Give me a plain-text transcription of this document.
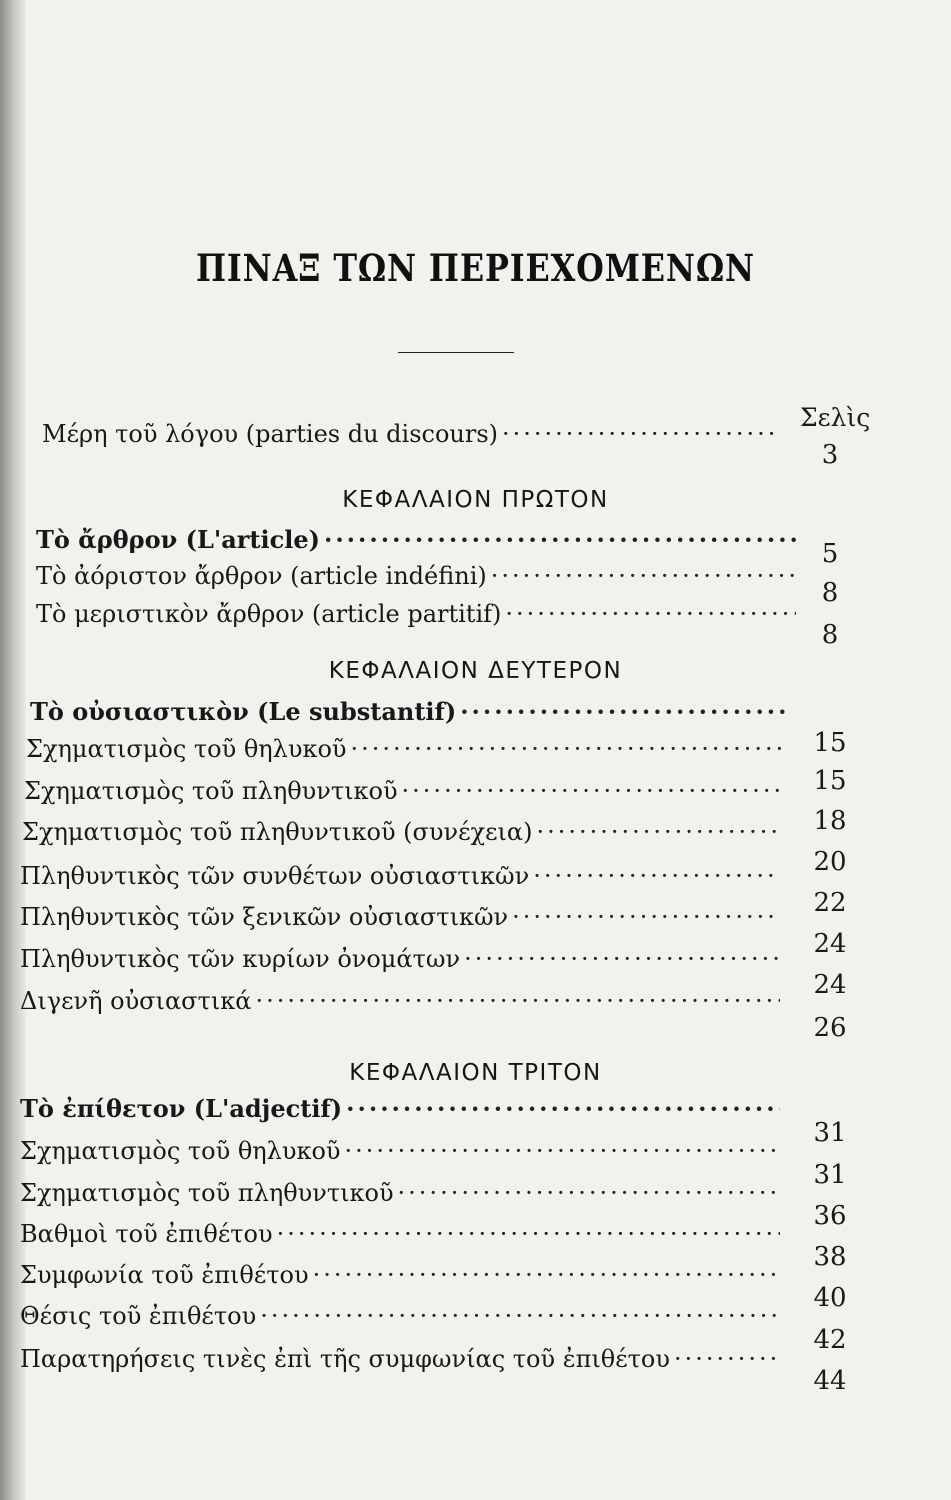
ΠΙΝΑΞ ΤΩΝ ΠΕΡΙΕΧΟΜΕΝΩΝ
Σελὶς
Μέρη τοῦ λόγου (parties du discours)
·····
3
ΚΕΦΑΛΑΙΟΝ ΠΡΩΤΟΝ
Τὸ ἄρθρον (L'article)
·····	5
Τὸ ἀόριστον ἄρθρον (article indéfini)
·····
8
Τὸ μεριστικὸν ἄρθρον (article partitif)
·····
8
ΚΕΦΑΛΑΙΟΝ ΔΕΥΤΕΡΟΝ
Τὸ οὐσιαστικὸν (Le substantif)
·····
15
Σχηματισμὸς τοῦ θηλυκοῦ
·····
15
Σχηματισμὸς τοῦ πληθυντικοῦ
·····
18
Σχηματισμὸς τοῦ πληθυντικοῦ (συνέχεια)
·····
20
Πληθυντικὸς τῶν συνθέτων οὐσιαστικῶν
·····
22
Πληθυντικὸς τῶν ξενικῶν οὐσιαστικῶν
·····
24
Πληθυντικὸς τῶν κυρίων ὀνομάτων
·····
24
Διγενῆ οὐσιαστικά
·····
26
ΚΕΦΑΛΑΙΟΝ ΤΡΙΤΟΝ
Τὸ ἐπίθετον (L'adjectif)
·····
31
Σχηματισμὸς τοῦ θηλυκοῦ
·····
31
Σχηματισμὸς τοῦ πληθυντικοῦ
·····
36
Βαθμοὶ τοῦ ἐπιθέτου
·····
38
Συμφωνία τοῦ ἐπιθέτου
·····
40
Θέσις τοῦ ἐπιθέτου
·····
42
Παρατηρήσεις τινὲς ἐπὶ τῆς συμφωνίας τοῦ ἐπιθέτου
·····
44
